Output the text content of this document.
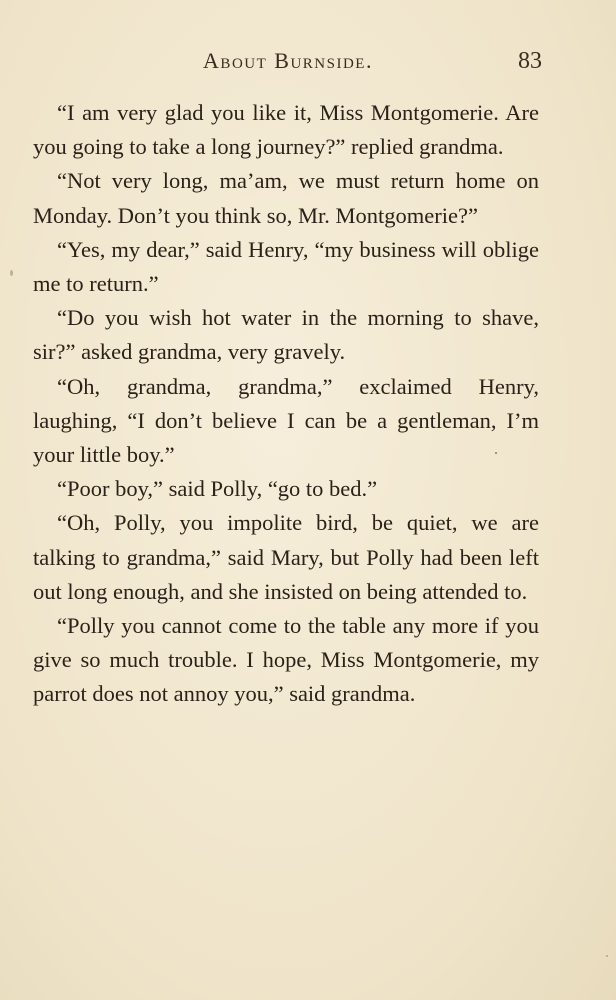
About Burnside.	83

“I am very glad you like it, Miss Montgomerie. Are you going to take a long journey?” replied grandma.

“Not very long, ma’am, we must return home on Monday. Don’t you think so, Mr. Montgomerie?”

“Yes, my dear,” said Henry, “my business will oblige me to return.”

“Do you wish hot water in the morning to shave, sir?” asked grandma, very gravely.

“Oh, grandma, grandma,” exclaimed Henry, laughing, “I don’t believe I can be a gentleman, I’m your little boy.”

“Poor boy,” said Polly, “go to bed.”

“Oh, Polly, you impolite bird, be quiet, we are talking to grandma,” said Mary, but Polly had been left out long enough, and she insisted on being attended to.

“Polly you cannot come to the table any more if you give so much trouble. I hope, Miss Montgomerie, my parrot does not annoy you,” said grandma.
